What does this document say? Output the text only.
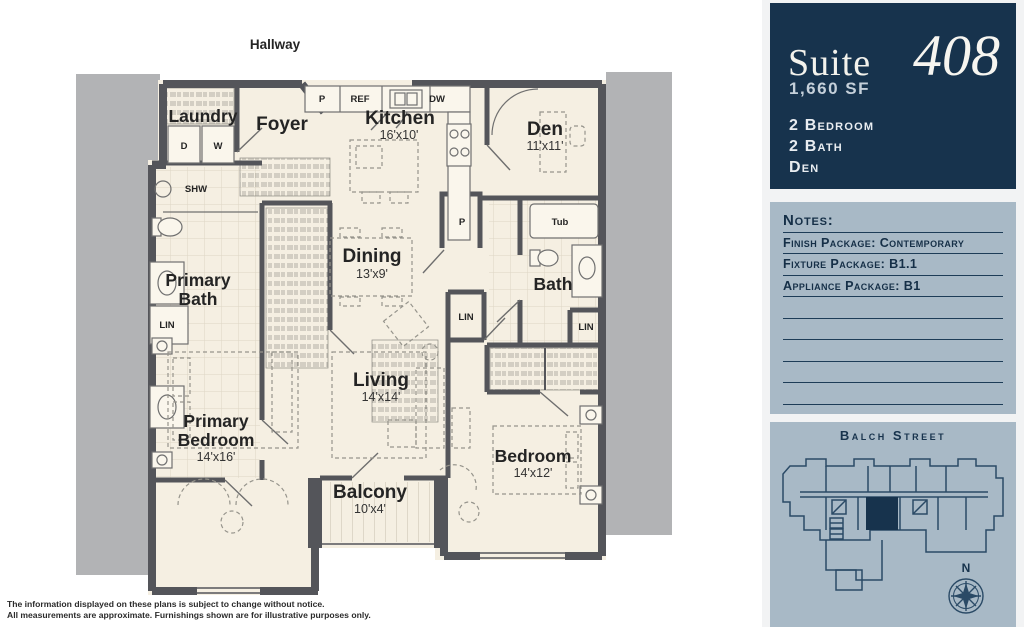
Hallway
Laundry Foyer	Kitchen
16'x10'	Den
11'x11'
Primary
Bath
Dining
13'x9'	Bath
Living
14'x14'
Primary
Bedroom
14'x16'	Bedroom
14'x12'
Balcony
10'x4'
P	REF	DW
D	W
SHW
Tub
LIN
LIN
LIN
P
Suite 408
1,660 SF
2 Bedroom
2 Bath
Den
Notes:
Finish Package: Contemporary
Fixture Package: B1.1
Appliance Package: B1
Balch Street
N
The information displayed on these plans is subject to change without notice.
All measurements are approximate. Furnishings shown are for illustrative purposes only.
